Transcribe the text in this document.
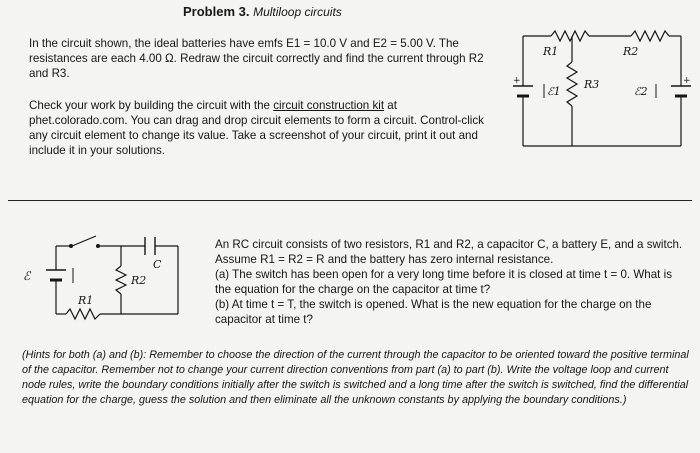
Problem 3. Multiloop circuits
In the circuit shown, the ideal batteries have emfs E1 = 10.0 V and E2 = 5.00 V. The resistances are each 4.00 Ω. Redraw the circuit correctly and find the current through R2 and R3.
Check your work by building the circuit with the circuit construction kit at phet.colorado.com. You can drag and drop circuit elements to form a circuit. Control-click any circuit element to change its value. Take a screenshot of your circuit, print it out and include it in your solutions.
R1	R2
R3
ℰ1	ℰ2
+	+
C
R2
R1
ℰ
An RC circuit consists of two resistors, R1 and R2, a capacitor C, a battery E, and a switch. Assume R1 = R2 = R and the battery has zero internal resistance.
(a) The switch has been open for a very long time before it is closed at time t = 0. What is the equation for the charge on the capacitor at time t?
(b) At time t = T, the switch is opened. What is the new equation for the charge on the capacitor at time t?
(Hints for both (a) and (b): Remember to choose the direction of the current through the capacitor to be oriented toward the positive terminal of the capacitor. Remember not to change your current direction conventions from part (a) to part (b). Write the voltage loop and current node rules, write the boundary conditions initially after the switch is switched and a long time after the switch is switched, find the differential equation for the charge, guess the solution and then eliminate all the unknown constants by applying the boundary conditions.)
